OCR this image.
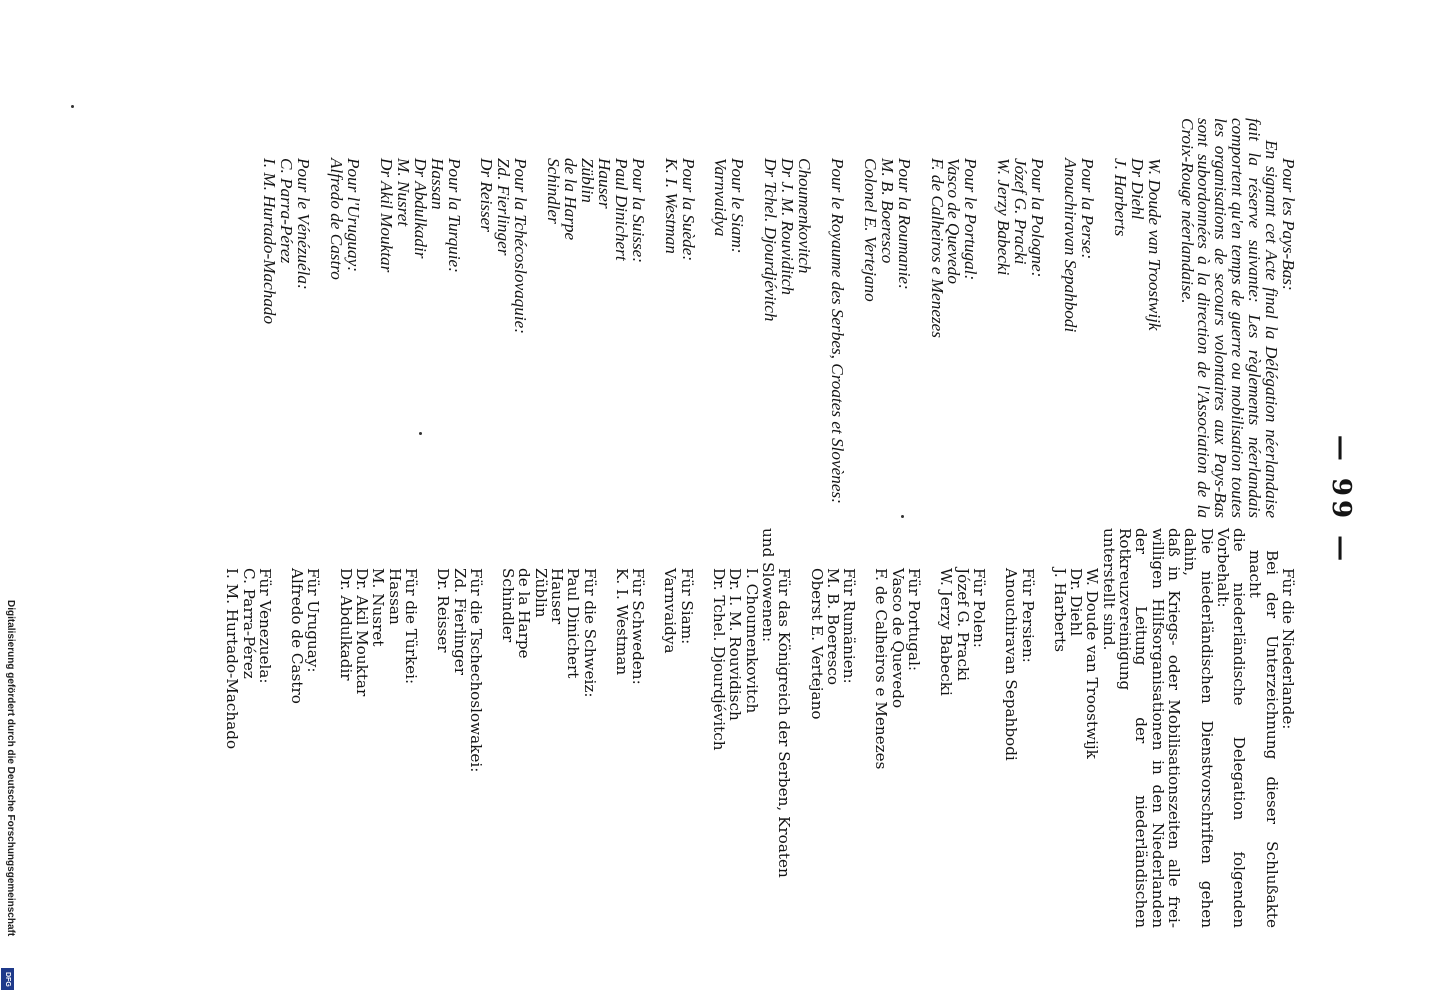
Digitalisierung gefördert durch die Deutsche Forschungsgemeinschaft
DFG
— 99 —
Pour les Pays-Bas:
En signant cet Acte final la Délégation néerlandaise
fait la réserve suivante: Les règlements néerlandais
comportent qu'en temps de guerre ou mobilisation toutes
les organisations de secours volontaires aux Pays-Bas
sont subordonnées à la direction de l'Association de la
Croix-Rouge néerlandaise.
W. Doude van Troostwijk
Dr Diehl
J. Harberts
Pour la Perse:
Anouchiravan Sepahbodi
Pour la Pologne:
Józef G. Pracki
W. Jerzy Babecki
Pour le Portugal:
Vasco de Quevedo
F. de Calheiros e Menezes
Pour la Roumanie:
M. B. Boeresco
Colonel E. Vertejano
Pour le Royaume des Serbes, Croates et Slovènes:
Choumenkovitch
Dr J. M. Rouviditch
Dr Tchel. Djourdjévitch
Pour le Siam:
Varnvaidya
Pour la Suède:
K. I. Westman
Pour la Suisse:
Paul Dinichert
Hauser
Züblin
de la Harpe
Schindler
Pour la Tchécoslovaquie:
Zd. Fierlinger
Dr Reisser
Pour la Turquie:
Hassan
Dr Abdulkadir
M. Nusret
Dr Akil Mouktar
Pour l'Uruguay:
Alfredo de Castro
Pour le Vénézuéla:
C. Parra-Pérez
I. M. Hurtado-Machado
Für die Niederlande:
Bei der Unterzeichnung dieser Schlußakte macht
die niederländische Delegation folgenden Vorbehalt:
Die niederländischen Dienstvorschriften gehen dahin,
daß in Kriegs- oder Mobilisationszeiten alle frei-
willigen Hilfsorganisationen in den Niederlanden
der Leitung der niederländischen Rotkreuzvereinigung
unterstellt sind.
W. Doude van Troostwijk
Dr. Diehl
J. Harberts
Für Persien:
Anouchiravan Sepahbodi
Für Polen:
Józef G. Pracki
W. Jerzy Babecki
Für Portugal:
Vasco de Quevedo
F. de Calheiros e Menezes
Für Rumänien:
M. B. Boeresco
Oberst E. Vertejano
Für das Königreich der Serben, Kroaten
und Slowenen:
I. Choumenkovitch
Dr. I. M. Rouvidisch
Dr. Tchel. Djourdjévitch
Für Siam:
Varnvaidya
Für Schweden:
K. I. Westman
Für die Schweiz:
Paul Dinichert
Hauser
Züblin
de la Harpe
Schindler
Für die Tschechoslowakei:
Zd. Fierlinger
Dr. Reisser
Für die Türkei:
Hassan
M. Nusret
Dr. Akil Mouktar
Dr. Abdulkadir
Für Uruguay:
Alfredo de Castro
Für Venezuela:
C. Parra-Pérez
I. M. Hurtado-Machado
